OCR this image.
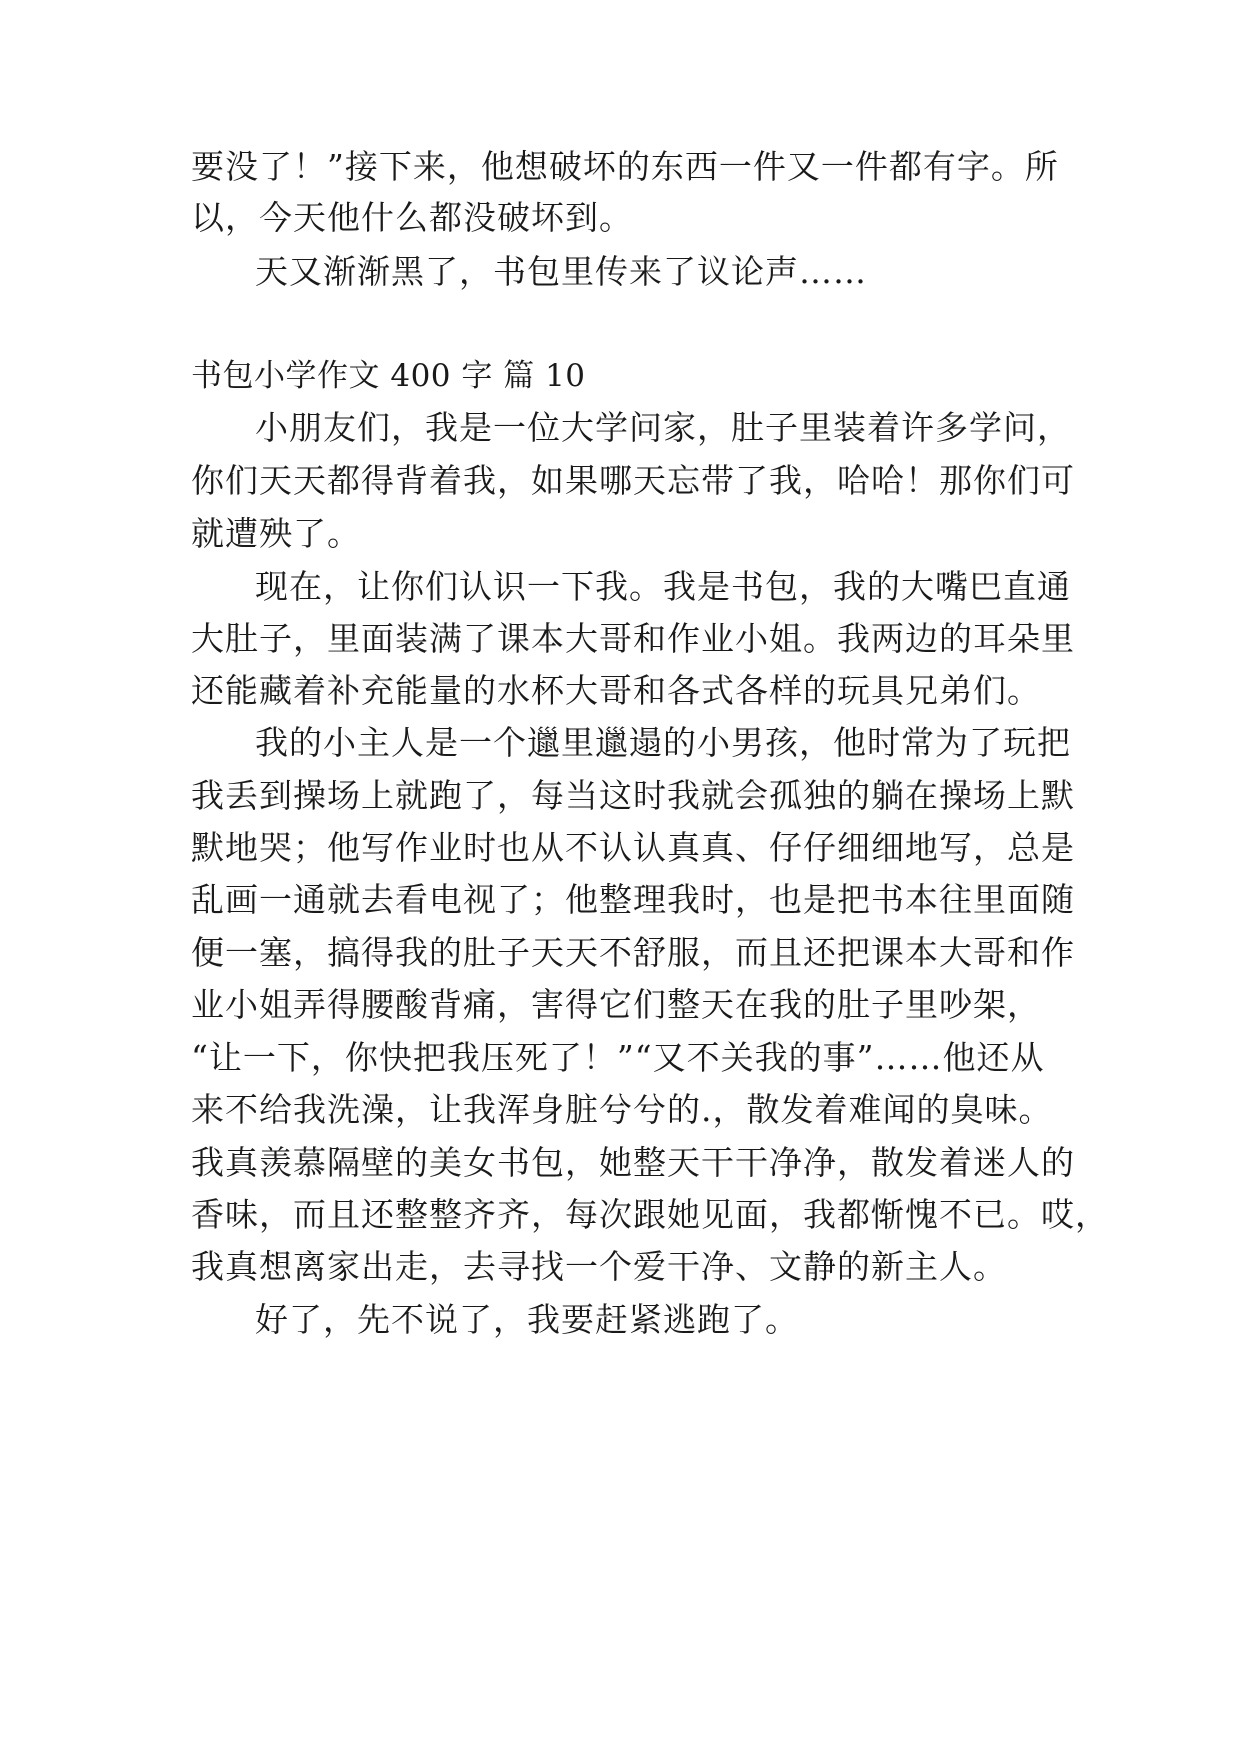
要没了！”接下来，他想破坏的东西一件又一件都有字。所
以，今天他什么都没破坏到。
天又渐渐黑了，书包里传来了议论声……
书包小学作文 400 字 篇 10
小朋友们，我是一位大学问家，肚子里装着许多学问，
你们天天都得背着我，如果哪天忘带了我，哈哈！那你们可
就遭殃了。
现在，让你们认识一下我。我是书包，我的大嘴巴直通
大肚子，里面装满了课本大哥和作业小姐。我两边的耳朵里
还能藏着补充能量的水杯大哥和各式各样的玩具兄弟们。
我的小主人是一个邋里邋遢的小男孩，他时常为了玩把
我丢到操场上就跑了，每当这时我就会孤独的躺在操场上默
默地哭；他写作业时也从不认认真真、仔仔细细地写，总是
乱画一通就去看电视了；他整理我时，也是把书本往里面随
便一塞，搞得我的肚子天天不舒服，而且还把课本大哥和作
业小姐弄得腰酸背痛，害得它们整天在我的肚子里吵架，
“让一下，你快把我压死了！”“又不关我的事”……他还从
来不给我洗澡，让我浑身脏兮兮的.，散发着难闻的臭味。
我真羡慕隔壁的美女书包，她整天干干净净，散发着迷人的
香味，而且还整整齐齐，每次跟她见面，我都惭愧不已。哎，
我真想离家出走，去寻找一个爱干净、文静的新主人。
好了，先不说了，我要赶紧逃跑了。
